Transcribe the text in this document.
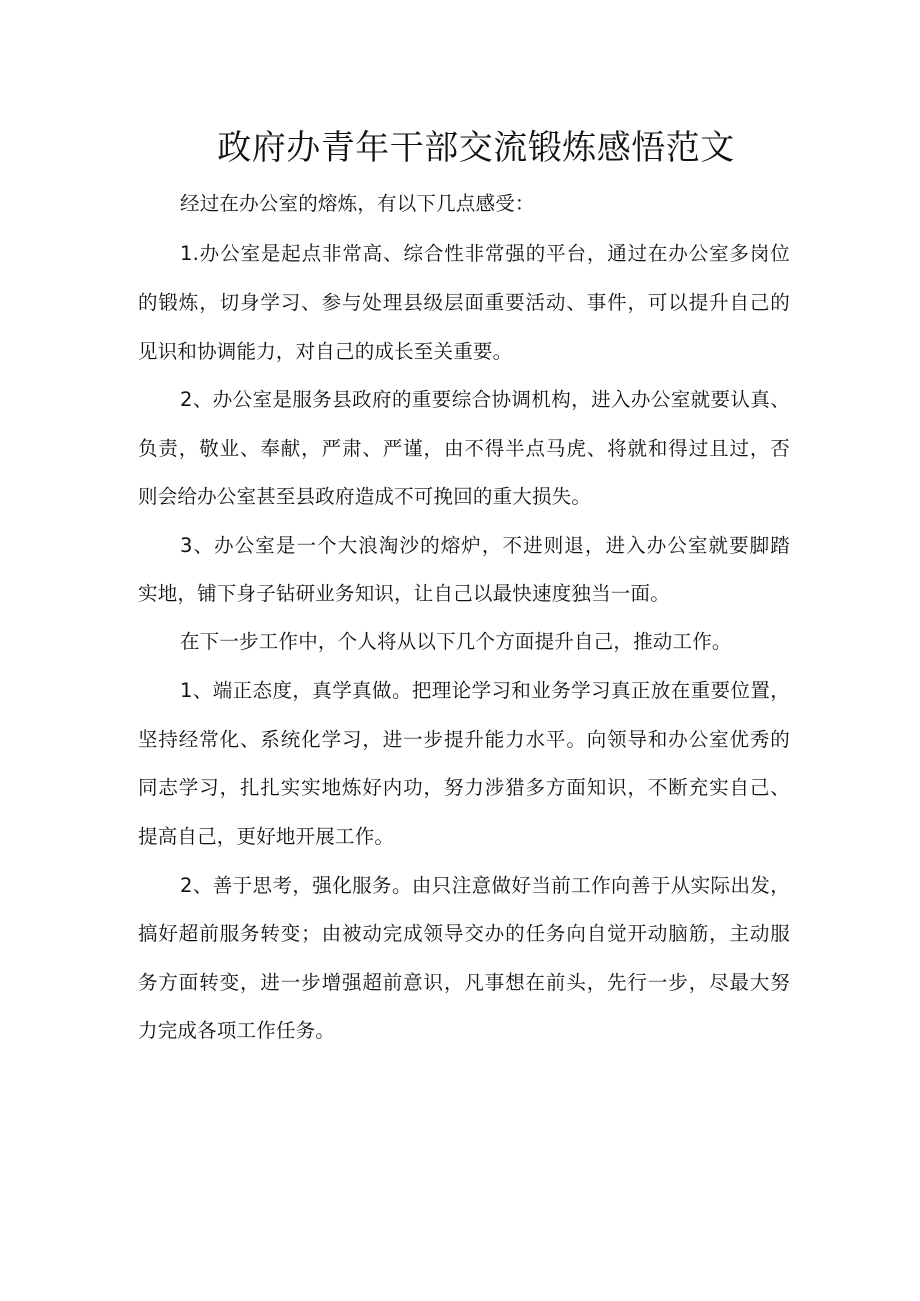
政府办青年干部交流锻炼感悟范文
经过在办公室的熔炼，有以下几点感受：
1.办公室是起点非常高、综合性非常强的平台，通过在办公室多岗位
的锻炼，切身学习、参与处理县级层面重要活动、事件，可以提升自己的
见识和协调能力，对自己的成长至关重要。
2、办公室是服务县政府的重要综合协调机构，进入办公室就要认真、
负责，敬业、奉献，严肃、严谨，由不得半点马虎、将就和得过且过，否
则会给办公室甚至县政府造成不可挽回的重大损失。
3、办公室是一个大浪淘沙的熔炉，不进则退，进入办公室就要脚踏
实地，铺下身子钻研业务知识，让自己以最快速度独当一面。
在下一步工作中，个人将从以下几个方面提升自己，推动工作。
1、端正态度，真学真做。把理论学习和业务学习真正放在重要位置，
坚持经常化、系统化学习，进一步提升能力水平。向领导和办公室优秀的
同志学习，扎扎实实地炼好内功，努力涉猎多方面知识，不断充实自己、
提高自己，更好地开展工作。
2、善于思考，强化服务。由只注意做好当前工作向善于从实际出发，
搞好超前服务转变；由被动完成领导交办的任务向自觉开动脑筋，主动服
务方面转变，进一步增强超前意识，凡事想在前头，先行一步，尽最大努
力完成各项工作任务。
